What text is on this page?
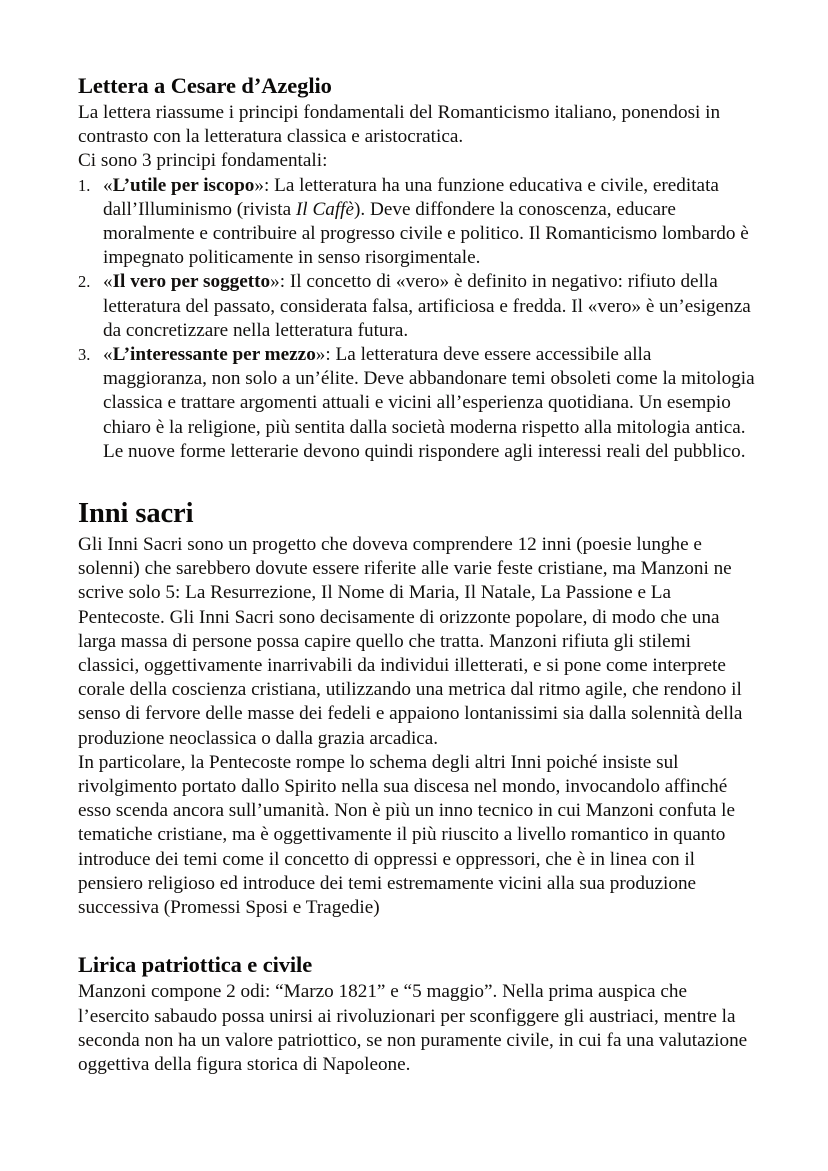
Lettera a Cesare d’Azeglio

La lettera riassume i principi fondamentali del Romanticismo italiano, ponendosi in contrasto con la letteratura classica e aristocratica.

Ci sono 3 principi fondamentali:

1. «L’utile per iscopo»: La letteratura ha una funzione educativa e civile, ereditata dall’Illuminismo (rivista Il Caffè). Deve diffondere la conoscenza, educare moralmente e contribuire al progresso civile e politico. Il Romanticismo lombardo è impegnato politicamente in senso risorgimentale.
2. «Il vero per soggetto»: Il concetto di «vero» è definito in negativo: rifiuto della letteratura del passato, considerata falsa, artificiosa e fredda. Il «vero» è un’esigenza da concretizzare nella letteratura futura.
3. «L’interessante per mezzo»: La letteratura deve essere accessibile alla maggioranza, non solo a un’élite. Deve abbandonare temi obsoleti come la mitologia classica e trattare argomenti attuali e vicini all’esperienza quotidiana. Un esempio chiaro è la religione, più sentita dalla società moderna rispetto alla mitologia antica. Le nuove forme letterarie devono quindi rispondere agli interessi reali del pubblico.
Inni sacri

Gli Inni Sacri sono un progetto che doveva comprendere 12 inni (poesie lunghe e solenni) che sarebbero dovute essere riferite alle varie feste cristiane, ma Manzoni ne scrive solo 5: La Resurrezione, Il Nome di Maria, Il Natale, La Passione e La Pentecoste. Gli Inni Sacri sono decisamente di orizzonte popolare, di modo che una larga massa di persone possa capire quello che tratta. Manzoni rifiuta gli stilemi classici, oggettivamente inarrivabili da individui illetterati, e si pone come interprete corale della coscienza cristiana, utilizzando una metrica dal ritmo agile, che rendono il senso di fervore delle masse dei fedeli e appaiono lontanissimi sia dalla solennità della produzione neoclassica o dalla grazia arcadica.

In particolare, la Pentecoste rompe lo schema degli altri Inni poiché insiste sul rivolgimento portato dallo Spirito nella sua discesa nel mondo, invocandolo affinché esso scenda ancora sull’umanità. Non è più un inno tecnico in cui Manzoni confuta le tematiche cristiane, ma è oggettivamente il più riuscito a livello romantico in quanto introduce dei temi come il concetto di oppressi e oppressori, che è in linea con il pensiero religioso ed introduce dei temi estremamente vicini alla sua produzione successiva (Promessi Sposi e Tragedie)

Lirica patriottica e civile

Manzoni compone 2 odi: “Marzo 1821” e “5 maggio”. Nella prima auspica che l’esercito sabaudo possa unirsi ai rivoluzionari per sconfiggere gli austriaci, mentre la seconda non ha un valore patriottico, se non puramente civile, in cui fa una valutazione oggettiva della figura storica di Napoleone.
